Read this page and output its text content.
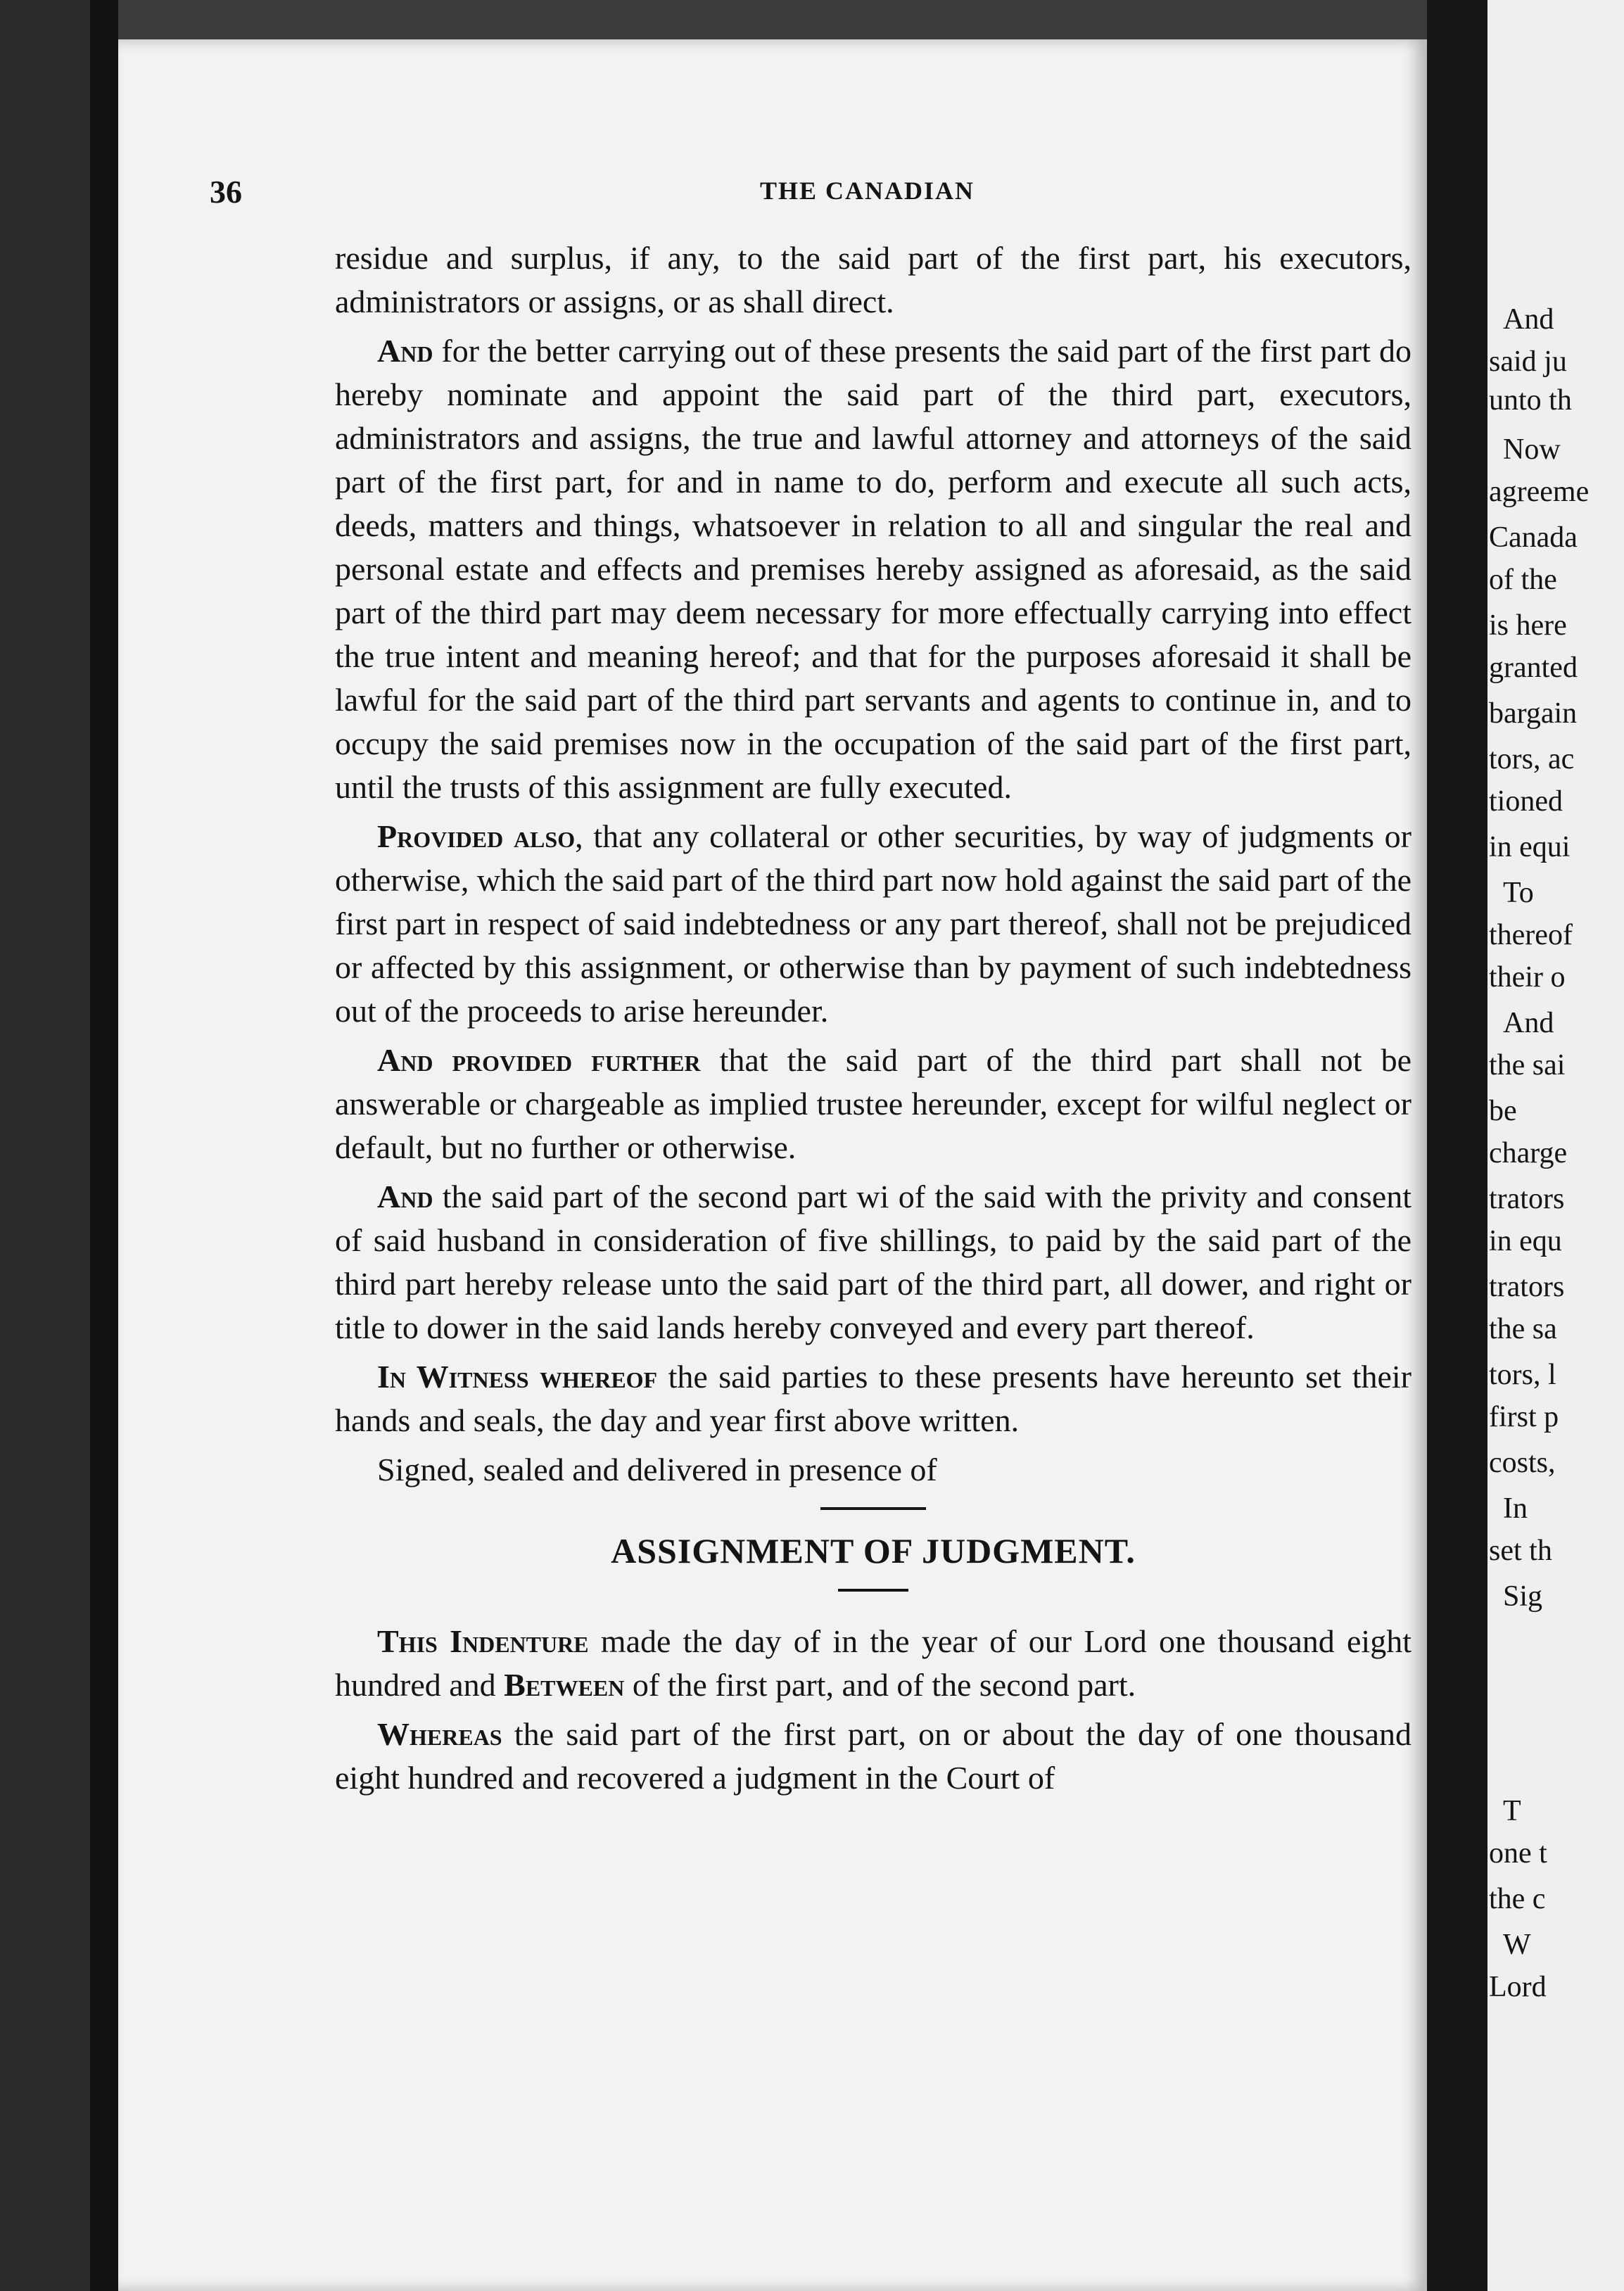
36	THE CANADIAN

residue and surplus, if any, to the said part of the first part, his executors, administrators or assigns, or as shall direct.

And for the better carrying out of these presents the said part of the first part do hereby nominate and appoint the said part of the third part, executors, administrators and assigns, the true and lawful attorney and attorneys of the said part of the first part, for and in name to do, perform and execute all such acts, deeds, matters and things, whatsoever in relation to all and singular the real and personal estate and effects and premises hereby assigned as aforesaid, as the said part of the third part may deem necessary for more effectually carrying into effect the true intent and meaning hereof; and that for the purposes aforesaid it shall be lawful for the said part of the third part servants and agents to continue in, and to occupy the said premises now in the occupation of the said part of the first part, until the trusts of this assignment are fully executed.

Provided also, that any collateral or other securities, by way of judgments or otherwise, which the said part of the third part now hold against the said part of the first part in respect of said indebtedness or any part thereof, shall not be prejudiced or affected by this assignment, or otherwise than by payment of such indebtedness out of the proceeds to arise hereunder.

And provided further that the said part of the third part shall not be answerable or chargeable as implied trustee hereunder, except for wilful neglect or default, but no further or otherwise.

And the said part of the second part wi of the said with the privity and consent of said husband in consideration of five shillings, to paid by the said part of the third part hereby release unto the said part of the third part, all dower, and right or title to dower in the said lands hereby conveyed and every part thereof.

In Witness whereof the said parties to these presents have hereunto set their hands and seals, the day and year first above written.

Signed, sealed and delivered in presence of

ASSIGNMENT OF JUDGMENT.

This Indenture made the day of in the year of our Lord one thousand eight hundred and Between of the first part, and of the second part.

Whereas the said part of the first part, on or about the day of one thousand eight hundred and recovered a judgment in the Court of

And
said ju
unto th
Now
agreeme
Canada
of the
is here
granted
bargain
tors, ac
tioned
in equi
To
thereof
their o
And
the sai
be
charge
trators
in equ
trators
the sa
tors, l
first p
costs,
In
set th
Sig
T
one t
the c
W
Lord
